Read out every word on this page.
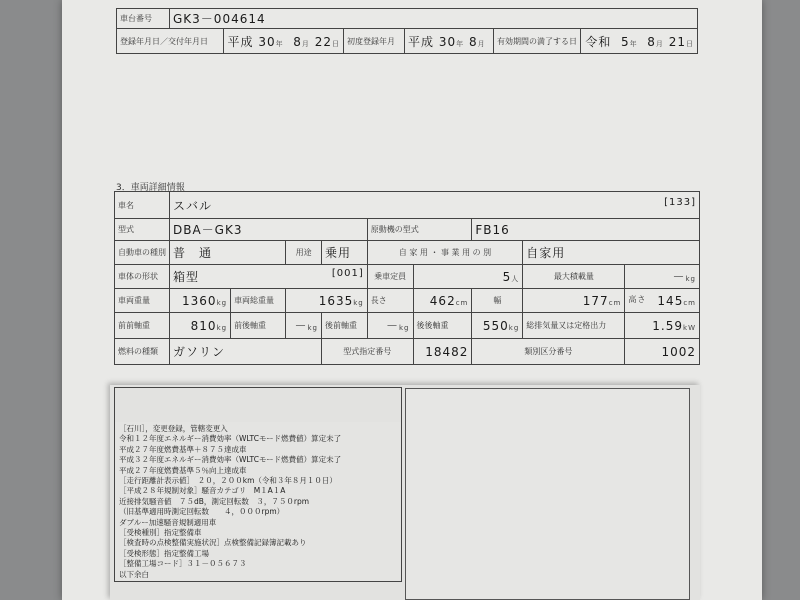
車台番号	GK3－004614					
登録年月日／交付年月日		平成 30年 8月 22日	初度登録年月	平成 30年 8月	有効期間の満了する日	令和 5年 8月 21日
3．車両詳細情報
車名	スバル [133]								

型式	DBA－GK3				原動機の型式		FB16		
自動車の種別	普　通		用途	乗用	自 家 用 ・ 事 業 用 の 別			自家用	
車体の形状	箱型 [001]				乗車定員	5人		最大積載量	－kg
車両重量	1360kg	車両総重量	1635kg		長さ	462cm	幅	177cm	高さ 145cm
前前軸重	810kg	前後軸重	－kg	後前軸重	－kg	後後軸重	550kg	総排気量又は定格出力	1.59kW
燃料の種類	ガソリン			型式指定番号		18482	類別区分番号		1002
［石川］，変更登録，管轄変更入
令和１２年度エネルギー消費効率（WLTCモード燃費値）算定未了
平成２７年度燃費基準＋８７５達成車
平成３２年度エネルギー消費効率（WLTCモード燃費値）算定未了
平成２７年度燃費基準５％向上達成車
［走行距離計表示値］　２０，２００km（令和３年８月１０日）
［平成２８年規制対象］騒音カテゴリ　M１A１A
近接排気騒音値　７５dB，測定回転数　３，７５０rpm
（旧基準適用時測定回転数　　４，０００rpm）
ダブルー加速騒音規制適用車
［受検種別］指定整備車
［検査時の点検整備実施状況］点検整備記録簿記載あり
［受検形態］指定整備工場
［整備工場コード］３１－０５６７３
以下余白
